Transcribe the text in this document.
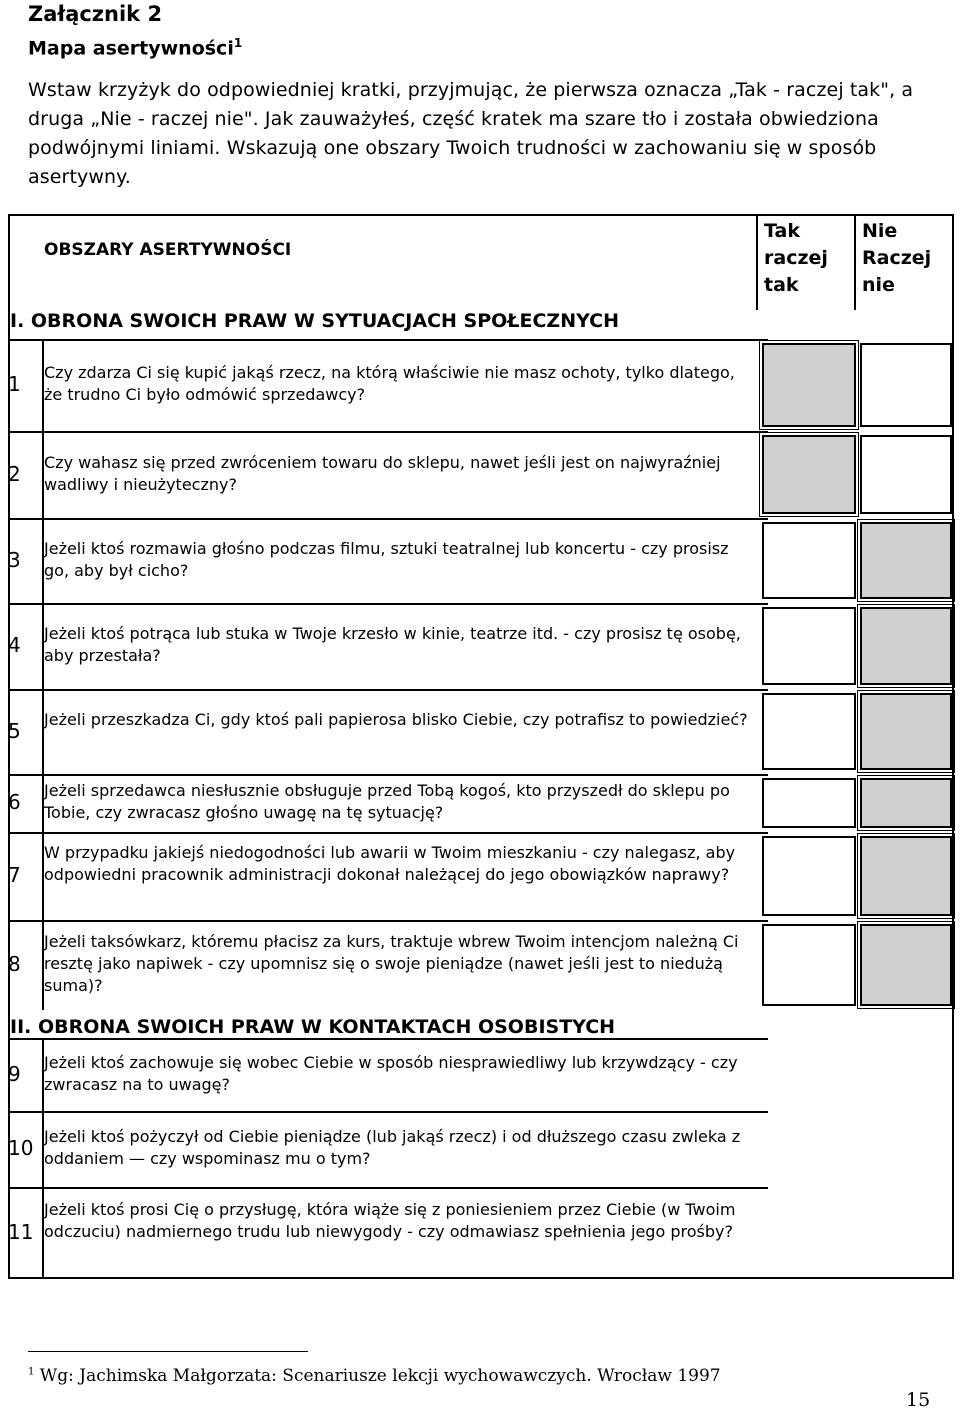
Załącznik 2
Mapa asertywności$^1$

Wstaw krzyżyk do odpowiedniej kratki, przyjmując, że pierwsza oznacza „Tak - raczej tak", a druga „Nie - raczej nie". Jak zauważyłeś, część kratek ma szare tło i została obwiedziona podwójnymi liniami. Wskazują one obszary Twoich trudności w zachowaniu się w sposób asertywny.

OBSZARY ASERTYWNOŚCI
Tak
raczej
tak
Nie
Raczej
nie
I. OBRONA SWOICH PRAW W SYTUACJACH SPOŁECZNYCH
II. OBRONA SWOICH PRAW W KONTAKTACH OSOBISTYCH
1 Czy zdarza Ci się kupić jakąś rzecz, na którą właściwie nie masz ochoty, tylko dlatego, że trudno Ci było odmówić sprzedawcy?

2 Czy wahasz się przed zwróceniem towaru do sklepu, nawet jeśli jest on najwyraźniej wadliwy i nieużyteczny?

3 Jeżeli ktoś rozmawia głośno podczas filmu, sztuki teatralnej lub koncertu - czy prosisz go, aby był cicho?

4 Jeżeli ktoś potrąca lub stuka w Twoje krzesło w kinie, teatrze itd. - czy prosisz tę osobę, aby przestała?

5 Jeżeli przeszkadza Ci, gdy ktoś pali papierosa blisko Ciebie, czy potrafisz to powiedzieć?

6 Jeżeli sprzedawca niesłusznie obsługuje przed Tobą kogoś, kto przyszedł do sklepu po Tobie, czy zwracasz głośno uwagę na tę sytuację?

7

W przypadku jakiejś niedogodności lub awarii w Twoim mieszkaniu - czy nalegasz, aby odpowiedni pracownik administracji dokonał należącej do jego obowiązków naprawy?

8

Jeżeli taksówkarz, któremu płacisz za kurs, traktuje wbrew Twoim intencjom należną Ci resztę jako napiwek - czy upomnisz się o swoje pieniądze (nawet jeśli jest to niedużą suma)?

9 Jeżeli ktoś zachowuje się wobec Ciebie w sposób niesprawiedliwy lub krzywdzący - czy zwracasz na to uwagę?

10 Jeżeli ktoś pożyczył od Ciebie pieniądze (lub jakąś rzecz) i od dłuższego czasu zwleka z oddaniem — czy wspominasz mu o tym?

11

Jeżeli ktoś prosi Cię o przysługę, która wiąże się z poniesieniem przez Ciebie (w Twoim odczuciu) nadmiernego trudu lub niewygody - czy odmawiasz spełnienia jego prośby?

$^1$ Wg: Jachimska Małgorzata: Scenariusze lekcji wychowawczych. Wrocław 1997
15
